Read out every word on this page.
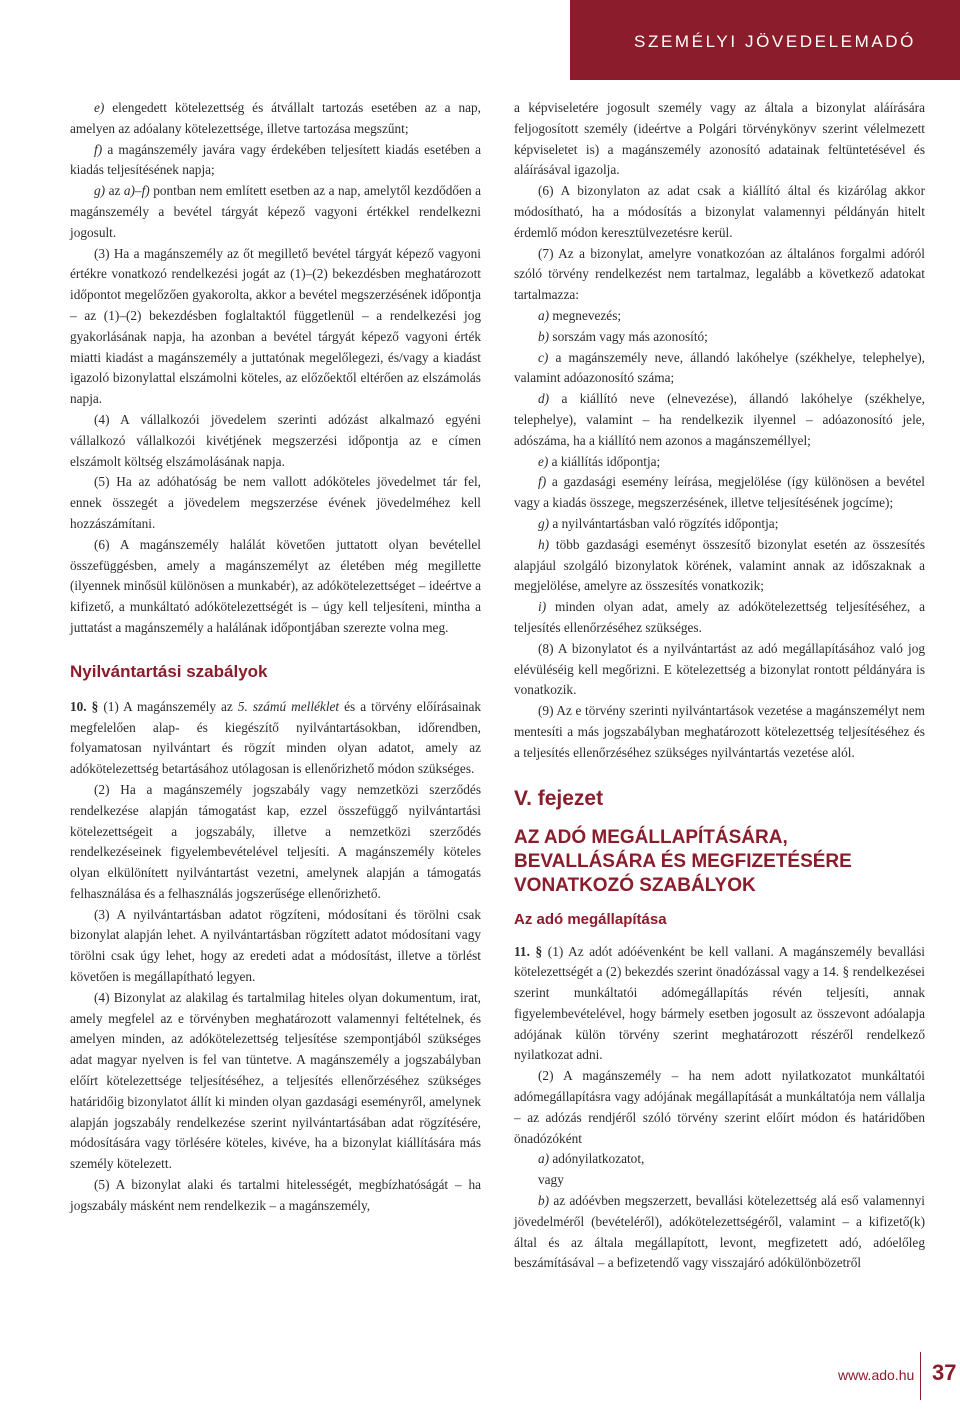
SZEMÉLYI JÖVEDELEMADÓ

e) elengedett kötelezettség és átvállalt tartozás esetében az a nap, amelyen az adóalany kötelezettsége, illetve tartozása megszűnt;

f) a magánszemély javára vagy érdekében teljesített kiadás esetében a kiadás teljesítésének napja;

g) az a)–f) pontban nem említett esetben az a nap, amelytől kezdődően a magánszemély a bevétel tárgyát képező vagyoni értékkel rendelkezni jogosult.

(3) Ha a magánszemély az őt megillető bevétel tárgyát képező vagyoni értékre vonatkozó rendelkezési jogát az (1)–(2) bekezdésben meghatározott időpontot megelőzően gyakorolta, akkor a bevétel megszerzésének időpontja – az (1)–(2) bekezdésben foglaltaktól függetlenül – a rendelkezési jog gyakorlásának napja, ha azonban a bevétel tárgyát képező vagyoni érték miatti kiadást a magánszemély a juttatónak megelőlegezi, és/vagy a kiadást igazoló bizonylattal elszámolni köteles, az előzőektől eltérően az elszámolás napja.

(4) A vállalkozói jövedelem szerinti adózást alkalmazó egyéni vállalkozó vállalkozói kivétjének megszerzési időpontja az e címen elszámolt költség elszámolásának napja.

(5) Ha az adóhatóság be nem vallott adóköteles jövedelmet tár fel, ennek összegét a jövedelem megszerzése évének jövedelméhez kell hozzászámítani.

(6) A magánszemély halálát követően juttatott olyan bevétellel összefüggésben, amely a magánszemélyt az életében még megillette (ilyennek minősül különösen a munkabér), az adókötelezettséget – ideértve a kifizető, a munkáltató adókötelezettségét is – úgy kell teljesíteni, mintha a juttatást a magánszemély a halálának időpontjában szerezte volna meg.

Nyilvántartási szabályok

10. § (1) A magánszemély az 5. számú melléklet és a törvény előírásainak megfelelően alap- és kiegészítő nyilvántartásokban, időrendben, folyamatosan nyilvántart és rögzít minden olyan adatot, amely az adókötelezettség betartásához utólagosan is ellenőrizhető módon szükséges.

(2) Ha a magánszemély jogszabály vagy nemzetközi szerződés rendelkezése alapján támogatást kap, ezzel összefüggő nyilvántartási kötelezettségeit a jogszabály, illetve a nemzetközi szerződés rendelkezéseinek figyelembevételével teljesíti. A magánszemély köteles olyan elkülönített nyilvántartást vezetni, amelynek alapján a támogatás felhasználása és a felhasználás jogszerűsége ellenőrizhető.

(3) A nyilvántartásban adatot rögzíteni, módosítani és törölni csak bizonylat alapján lehet. A nyilvántartásban rögzített adatot módosítani vagy törölni csak úgy lehet, hogy az eredeti adat a módosítást, illetve a törlést követően is megállapítható legyen.

(4) Bizonylat az alakilag és tartalmilag hiteles olyan dokumentum, irat, amely megfelel az e törvényben meghatározott valamennyi feltételnek, és amelyen minden, az adókötelezettség teljesítése szempontjából szükséges adat magyar nyelven is fel van tüntetve. A magánszemély a jogszabályban előírt kötelezettsége teljesítéséhez, a teljesítés ellenőrzéséhez szükséges határidőig bizonylatot állít ki minden olyan gazdasági eseményről, amelynek alapján jogszabály rendelkezése szerint nyilvántartásában adat rögzítésére, módosítására vagy törlésére köteles, kivéve, ha a bizonylat kiállítására más személy kötelezett.

(5) A bizonylat alaki és tartalmi hitelességét, megbízhatóságát – ha jogszabály másként nem rendelkezik – a magánszemély,

a képviseletére jogosult személy vagy az általa a bizonylat aláírására feljogosított személy (ideértve a Polgári törvénykönyv szerint vélelmezett képviseletet is) a magánszemély azonosító adatainak feltüntetésével és aláírásával igazolja.

(6) A bizonylaton az adat csak a kiállító által és kizárólag akkor módosítható, ha a módosítás a bizonylat valamennyi példányán hitelt érdemlő módon keresztülvezetésre kerül.

(7) Az a bizonylat, amelyre vonatkozóan az általános forgalmi adóról szóló törvény rendelkezést nem tartalmaz, legalább a következő adatokat tartalmazza:

a) megnevezés;

b) sorszám vagy más azonosító;

c) a magánszemély neve, állandó lakóhelye (székhelye, telephelye), valamint adóazonosító száma;

d) a kiállító neve (elnevezése), állandó lakóhelye (székhelye, telephelye), valamint – ha rendelkezik ilyennel – adóazonosító jele, adószáma, ha a kiállító nem azonos a magánszeméllyel;

e) a kiállítás időpontja;

f) a gazdasági esemény leírása, megjelölése (így különösen a bevétel vagy a kiadás összege, megszerzésének, illetve teljesítésének jogcíme);

g) a nyilvántartásban való rögzítés időpontja;

h) több gazdasági eseményt összesítő bizonylat esetén az összesítés alapjául szolgáló bizonylatok körének, valamint annak az időszaknak a megjelölése, amelyre az összesítés vonatkozik;

i) minden olyan adat, amely az adókötelezettség teljesítéséhez, a teljesítés ellenőrzéséhez szükséges.

(8) A bizonylatot és a nyilvántartást az adó megállapításához való jog elévüléséig kell megőrizni. E kötelezettség a bizonylat rontott példányára is vonatkozik.

(9) Az e törvény szerinti nyilvántartások vezetése a magánszemélyt nem mentesíti a más jogszabályban meghatározott kötelezettség teljesítéséhez és a teljesítés ellenőrzéséhez szükséges nyilvántartás vezetése alól.

V. fejezet
AZ ADÓ MEGÁLLAPÍTÁSÁRA, BEVALLÁSÁRA ÉS MEGFIZETÉSÉRE VONATKOZÓ SZABÁLYOK
Az adó megállapítása

11. § (1) Az adót adóévenként be kell vallani. A magánszemély bevallási kötelezettségét a (2) bekezdés szerint önadózással vagy a 14. § rendelkezései szerint munkáltatói adómegállapítás révén teljesíti, annak figyelembevételével, hogy bármely esetben jogosult az összevont adóalapja adójának külön törvény szerint meghatározott részéről rendelkező nyilatkozat adni.

(2) A magánszemély – ha nem adott nyilatkozatot munkáltatói adómegállapításra vagy adójának megállapítását a munkáltatója nem vállalja – az adózás rendjéről szóló törvény szerint előírt módon és határidőben önadózóként

a) adónyilatkozatot,

vagy

b) az adóévben megszerzett, bevallási kötelezettség alá eső valamennyi jövedelméről (bevételéről), adókötelezettségéről, valamint – a kifizető(k) által és az általa megállapított, levont, megfizetett adó, adóelőleg beszámításával – a befizetendő vagy visszajáró adókülönbözetről

www.ado.hu 37
